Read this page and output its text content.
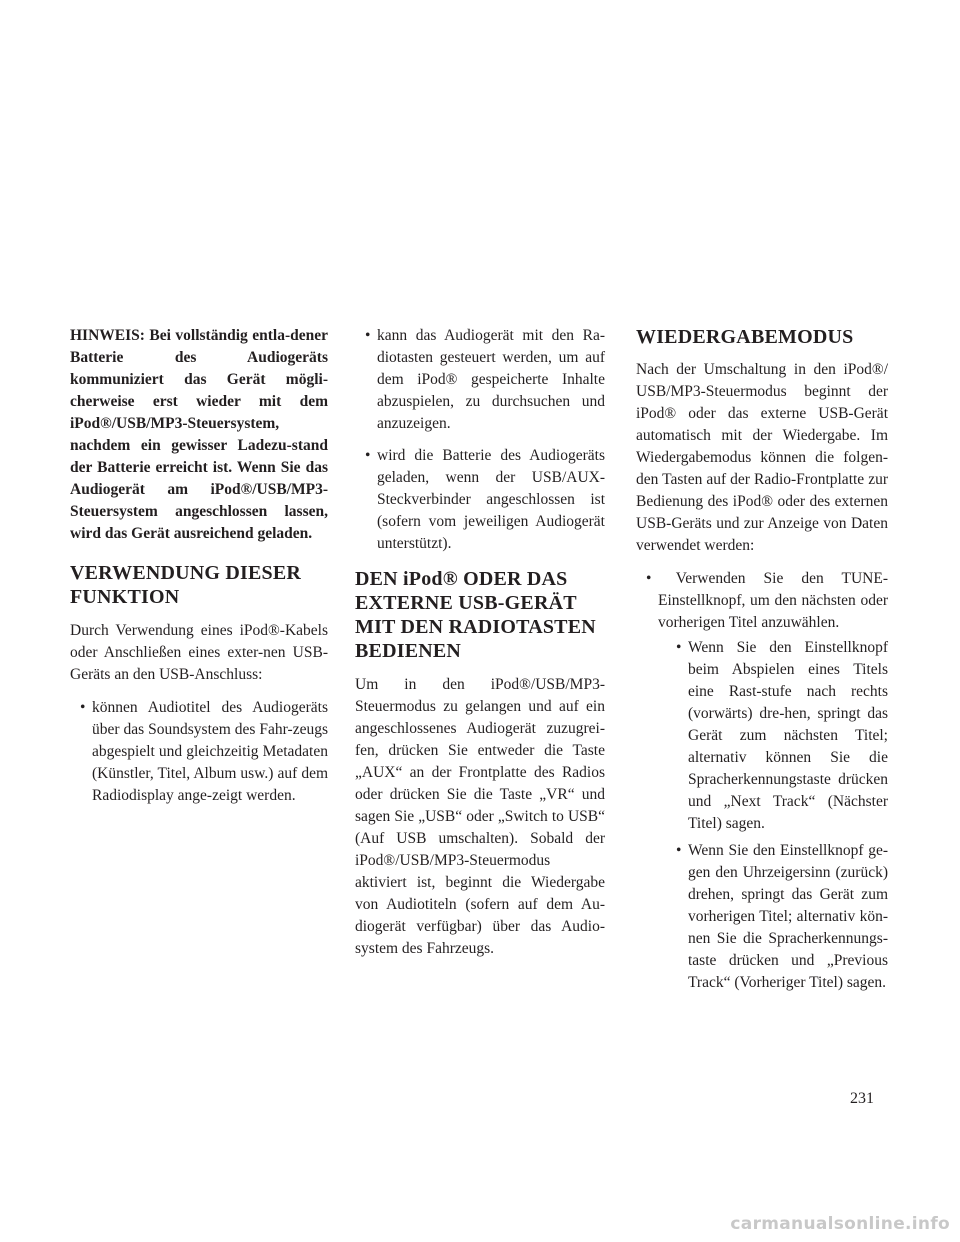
HINWEIS: Bei vollständig entla-dener Batterie des Audiogeräts kommuniziert das Gerät mögli-cherweise erst wieder mit dem iPod®/USB/MP3-Steuersystem, nachdem ein gewisser Ladezu-stand der Batterie erreicht ist. Wenn Sie das Audiogerät am iPod®/USB/MP3-Steuersystem angeschlossen lassen, wird das Gerät ausreichend geladen.

VERWENDUNG DIESER FUNKTION

Durch Verwendung eines iPod®-Kabels oder Anschließen eines exter-nen USB-Geräts an den USB-Anschluss:

• können Audiotitel des Audiogeräts über das Soundsystem des Fahr-zeugs abgespielt und gleichzeitig Metadaten (Künstler, Titel, Album usw.) auf dem Radiodisplay ange-zeigt werden.
• kann das Audiogerät mit den Ra-diotasten gesteuert werden, um auf dem iPod® gespeicherte Inhalte abzuspielen, zu durchsuchen und anzuzeigen.
• wird die Batterie des Audiogeräts geladen, wenn der USB/AUX-Steckverbinder angeschlossen ist (sofern vom jeweiligen Audiogerät unterstützt).
DEN iPod® ODER DAS EXTERNE USB-GERÄT MIT DEN RADIOTASTEN BEDIENEN

Um in den iPod®/USB/MP3-Steuermodus zu gelangen und auf ein angeschlossenes Audiogerät zuzugrei-fen, drücken Sie entweder die Taste „AUX“ an der Frontplatte des Radios oder drücken Sie die Taste „VR“ und sagen Sie „USB“ oder „Switch to USB“ (Auf USB umschalten). Sobald der iPod®/USB/MP3-Steuermodus aktiviert ist, beginnt die Wiedergabe von Audiotiteln (sofern auf dem Au-diogerät verfügbar) über das Audio-system des Fahrzeugs.

WIEDERGABEMODUS

Nach der Umschaltung in den iPod®/ USB/MP3-Steuermodus beginnt der iPod® oder das externe USB-Gerät automatisch mit der Wiedergabe. Im Wiedergabemodus können die folgen-den Tasten auf der Radio-Frontplatte zur Bedienung des iPod® oder des externen USB-Geräts und zur Anzeige von Daten verwendet werden:

• Verwenden Sie den TUNE-Einstellknopf, um den nächsten oder vorherigen Titel anzuwählen.
• Wenn Sie den Einstellknopf beim Abspielen eines Titels eine Rast-stufe nach rechts (vorwärts) dre-hen, springt das Gerät zum nächsten Titel; alternativ können Sie die Spracherkennungstaste drücken und „Next Track“ (Nächster Titel) sagen.
• Wenn Sie den Einstellknopf ge-gen den Uhrzeigersinn (zurück) drehen, springt das Gerät zum vorherigen Titel; alternativ kön-nen Sie die Spracherkennungs-taste drücken und „Previous Track“ (Vorheriger Titel) sagen.
231
carmanualsonline.info
